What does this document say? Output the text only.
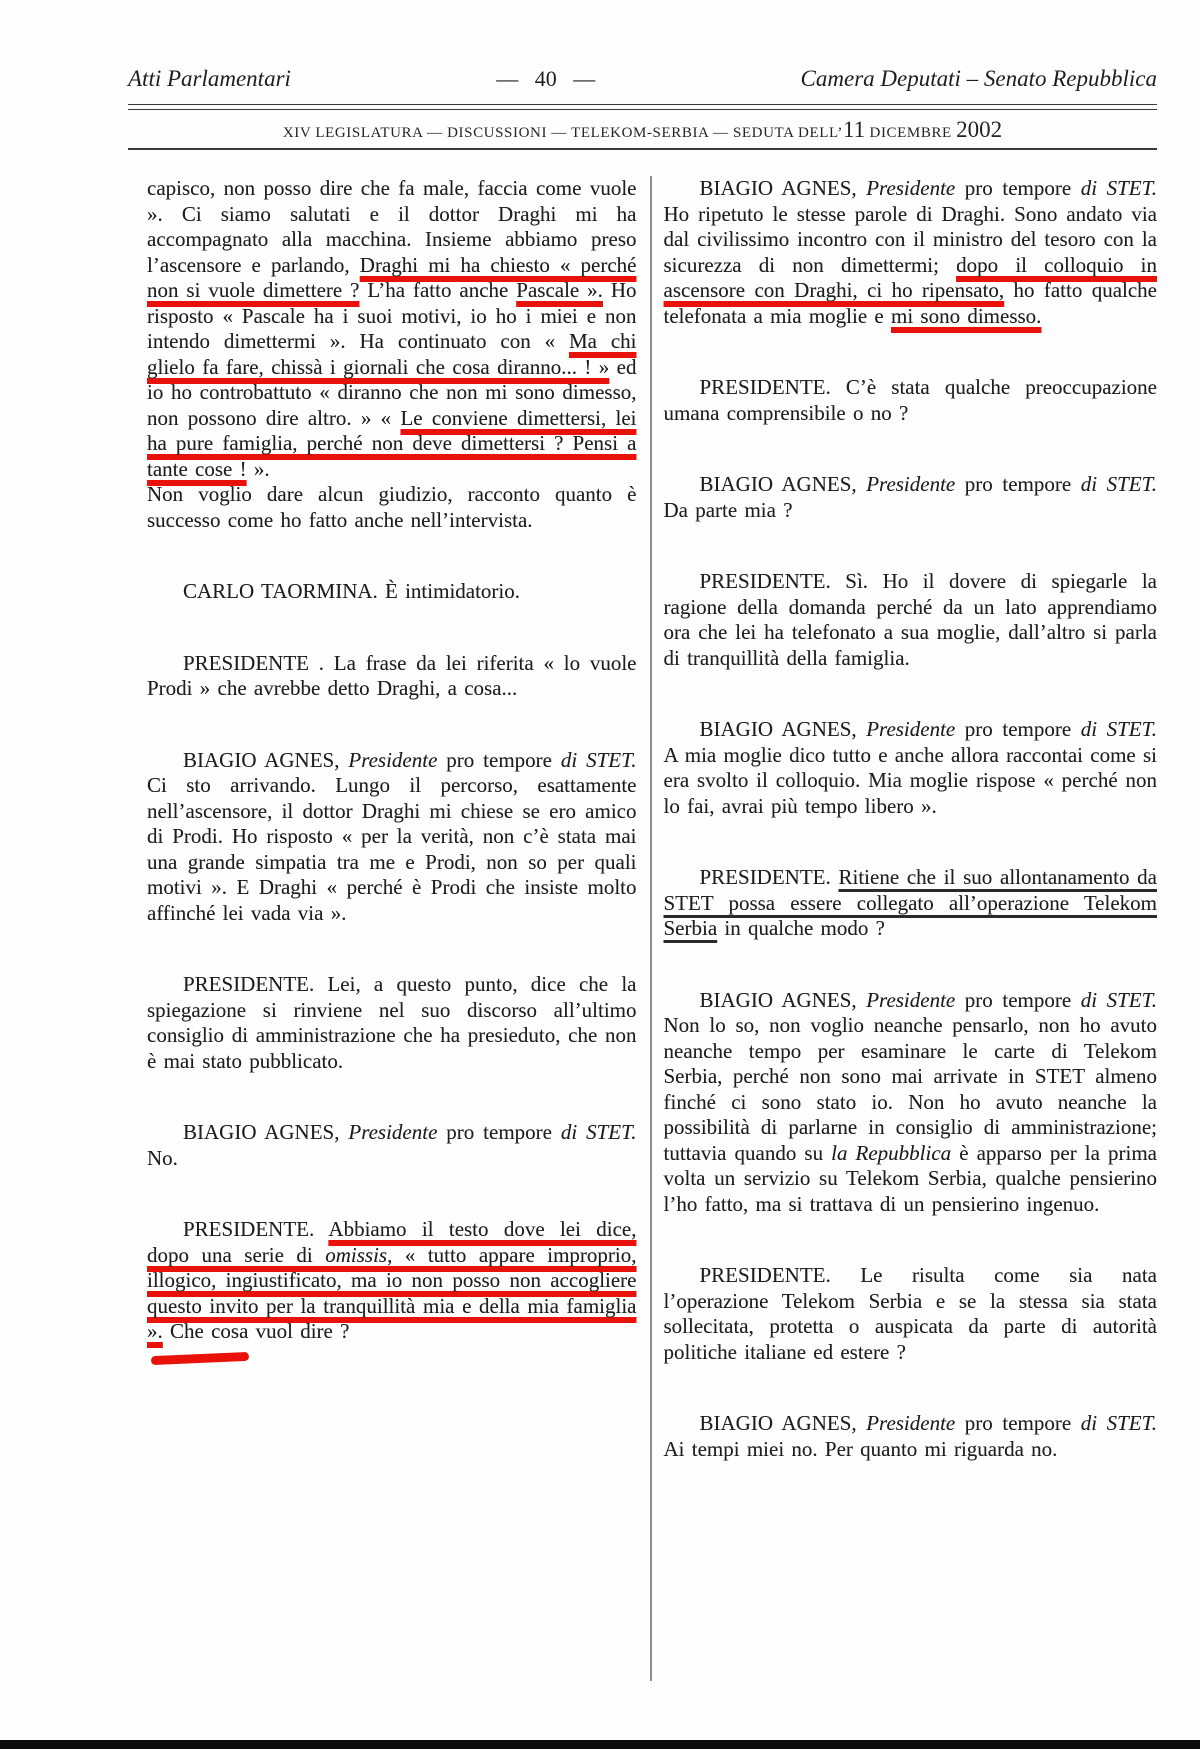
Atti Parlamentari	—   40   —	Camera Deputati – Senato Repubblica
XIV LEGISLATURA — DISCUSSIONI — TELEKOM-SERBIA — SEDUTA DELL’11 DICEMBRE 2002

capisco, non posso dire che fa male, faccia come vuole ». Ci siamo salutati e il dottor Draghi mi ha accompagnato alla macchina. Insieme abbiamo preso l’ascensore e parlando, Draghi mi ha chiesto « perché non si vuole dimettere ? L’ha fatto anche Pascale ». Ho risposto « Pascale ha i suoi motivi, io ho i miei e non intendo dimettermi ». Ha continuato con « Ma chi glielo fa fare, chissà i giornali che cosa diranno... ! » ed io ho controbattuto « diranno che non mi sono dimesso, non possono dire altro. » « Le conviene dimettersi, lei ha pure famiglia, perché non deve dimettersi ? Pensi a tante cose ! ».

Non voglio dare alcun giudizio, racconto quanto è successo come ho fatto anche nell’intervista.

CARLO TAORMINA. È intimidatorio.

PRESIDENTE . La frase da lei riferita « lo vuole Prodi » che avrebbe detto Draghi, a cosa...

BIAGIO AGNES, Presidente pro tempore di STET. Ci sto arrivando. Lungo il percorso, esattamente nell’ascensore, il dottor Draghi mi chiese se ero amico di Prodi. Ho risposto « per la verità, non c’è stata mai una grande simpatia tra me e Prodi, non so per quali motivi ». E Draghi « perché è Prodi che insiste molto affinché lei vada via ».

PRESIDENTE. Lei, a questo punto, dice che la spiegazione si rinviene nel suo discorso all’ultimo consiglio di amministrazione che ha presieduto, che non è mai stato pubblicato.

BIAGIO AGNES, Presidente pro tempore di STET. No.

PRESIDENTE. Abbiamo il testo dove lei dice, dopo una serie di omissis, « tutto appare improprio, illogico, ingiustificato, ma io non posso non accogliere questo invito per la tranquillità mia e della mia famiglia ». Che cosa vuol dire ?

BIAGIO AGNES, Presidente pro tempore di STET. Ho ripetuto le stesse parole di Draghi. Sono andato via dal civilissimo incontro con il ministro del tesoro con la sicurezza di non dimettermi; dopo il colloquio in ascensore con Draghi, ci ho ripensato, ho fatto qualche telefonata a mia moglie e mi sono dimesso.

PRESIDENTE. C’è stata qualche preoccupazione umana comprensibile o no ?

BIAGIO AGNES, Presidente pro tempore di STET. Da parte mia ?

PRESIDENTE. Sì. Ho il dovere di spiegarle la ragione della domanda perché da un lato apprendiamo ora che lei ha telefonato a sua moglie, dall’altro si parla di tranquillità della famiglia.

BIAGIO AGNES, Presidente pro tempore di STET. A mia moglie dico tutto e anche allora raccontai come si era svolto il colloquio. Mia moglie rispose « perché non lo fai, avrai più tempo libero ».

PRESIDENTE. Ritiene che il suo allontanamento da STET possa essere collegato all’operazione Telekom Serbia in qualche modo ?

BIAGIO AGNES, Presidente pro tempore di STET. Non lo so, non voglio neanche pensarlo, non ho avuto neanche tempo per esaminare le carte di Telekom Serbia, perché non sono mai arrivate in STET almeno finché ci sono stato io. Non ho avuto neanche la possibilità di parlarne in consiglio di amministrazione; tuttavia quando su la Repubblica è apparso per la prima volta un servizio su Telekom Serbia, qualche pensierino l’ho fatto, ma si trattava di un pensierino ingenuo.

PRESIDENTE. Le risulta come sia nata l’operazione Telekom Serbia e se la stessa sia stata sollecitata, protetta o auspicata da parte di autorità politiche italiane ed estere ?

BIAGIO AGNES, Presidente pro tempore di STET. Ai tempi miei no. Per quanto mi riguarda no.
